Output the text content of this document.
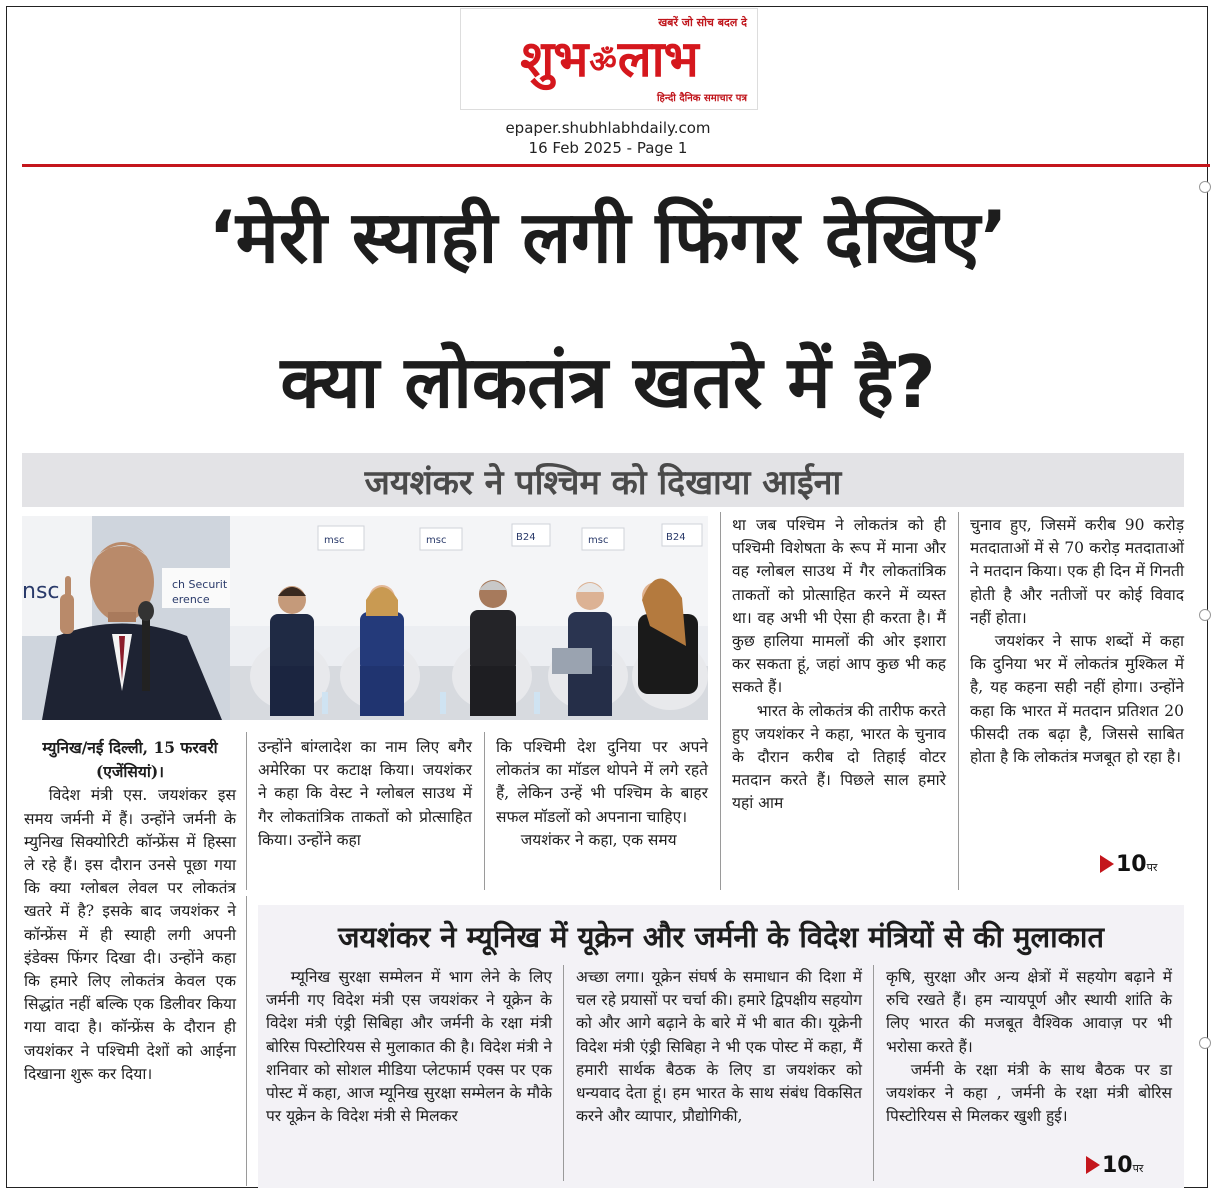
खबरें जो सोच बदल दे
शुभॐलाभ
हिन्दी दैनिक समाचार पत्र
epaper.shubhlabhdaily.com
16 Feb 2025 - Page 1
‘मेरी स्याही लगी फिंगर देखिए’
क्या लोकतंत्र खतरे में है?
जयशंकर ने पश्चिम को दिखाया आईना
nsc	ch Securit
erence
msc	msc	B24	msc	B24

म्युनिख/नई दिल्ली, 15 फरवरी (एजेंसियां)।

विदेश मंत्री एस. जयशंकर इस समय जर्मनी में हैं। उन्होंने जर्मनी के म्युनिख सिक्योरिटी कॉन्फ्रेंस में हिस्सा ले रहे हैं। इस दौरान उनसे पूछा गया कि क्या ग्लोबल लेवल पर लोकतंत्र खतरे में है? इसके बाद जयशंकर ने कॉन्फ्रेंस में ही स्याही लगी अपनी इंडेक्स फिंगर दिखा दी। उन्होंने कहा कि हमारे लिए लोकतंत्र केवल एक सिद्धांत नहीं बल्कि एक डिलीवर किया गया वादा है। कॉन्फ्रेंस के दौरान ही जयशंकर ने पश्चिमी देशों को आईना दिखाना शुरू कर दिया।

उन्होंने बांग्लादेश का नाम लिए बगैर अमेरिका पर कटाक्ष किया। जयशंकर ने कहा कि वेस्ट ने ग्लोबल साउथ में गैर लोकतांत्रिक ताकतों को प्रोत्साहित किया। उन्होंने कहा

कि पश्चिमी देश दुनिया पर अपने लोकतंत्र का मॉडल थोपने में लगे रहते हैं, लेकिन उन्हें भी पश्चिम के बाहर सफल मॉडलों को अपनाना चाहिए।

जयशंकर ने कहा, एक समय

था जब पश्चिम ने लोकतंत्र को ही पश्चिमी विशेषता के रूप में माना और वह ग्लोबल साउथ में गैर लोकतांत्रिक ताकतों को प्रोत्साहित करने में व्यस्त था। वह अभी भी ऐसा ही करता है। मैं कुछ हालिया मामलों की ओर इशारा कर सकता हूं, जहां आप कुछ भी कह सकते हैं।

भारत के लोकतंत्र की तारीफ करते हुए जयशंकर ने कहा, भारत के चुनाव के दौरान करीब दो तिहाई वोटर मतदान करते हैं। पिछले साल हमारे यहां आम

चुनाव हुए, जिसमें करीब 90 करोड़ मतदाताओं में से 70 करोड़ मतदाताओं ने मतदान किया। एक ही दिन में गिनती होती है और नतीजों पर कोई विवाद नहीं होता।

जयशंकर ने साफ शब्दों में कहा कि दुनिया भर में लोकतंत्र मुश्किल में है, यह कहना सही नहीं होगा। उन्होंने कहा कि भारत में मतदान प्रतिशत 20 फीसदी तक बढ़ा है, जिससे साबित होता है कि लोकतंत्र मजबूत हो रहा है।

10पर
जयशंकर ने म्यूनिख में यूक्रेन और जर्मनी के विदेश मंत्रियों से की मुलाकात

म्यूनिख सुरक्षा सम्मेलन में भाग लेने के लिए जर्मनी गए विदेश मंत्री एस जयशंकर ने यूक्रेन के विदेश मंत्री एंड्री सिबिहा और जर्मनी के रक्षा मंत्री बोरिस पिस्टोरियस से मुलाकात की है। विदेश मंत्री ने शनिवार को सोशल मीडिया प्लेटफार्म एक्स पर एक पोस्ट में कहा, आज म्यूनिख सुरक्षा सम्मेलन के मौके पर यूक्रेन के विदेश मंत्री से मिलकर

अच्छा लगा। यूक्रेन संघर्ष के समाधान की दिशा में चल रहे प्रयासों पर चर्चा की। हमारे द्विपक्षीय सहयोग को और आगे बढ़ाने के बारे में भी बात की। यूक्रेनी विदेश मंत्री एंड्री सिबिहा ने भी एक पोस्ट में कहा, मैं हमारी सार्थक बैठक के लिए डा जयशंकर को धन्यवाद देता हूं। हम भारत के साथ संबंध विकसित करने और व्यापार, प्रौद्योगिकी,

कृषि, सुरक्षा और अन्य क्षेत्रों में सहयोग बढ़ाने में रुचि रखते हैं। हम न्यायपूर्ण और स्थायी शांति के लिए भारत की मजबूत वैश्विक आवाज़ पर भी भरोसा करते हैं।

जर्मनी के रक्षा मंत्री के साथ बैठक पर डा जयशंकर ने कहा , जर्मनी के रक्षा मंत्री बोरिस पिस्टोरियस से मिलकर खुशी हुई।

10पर
